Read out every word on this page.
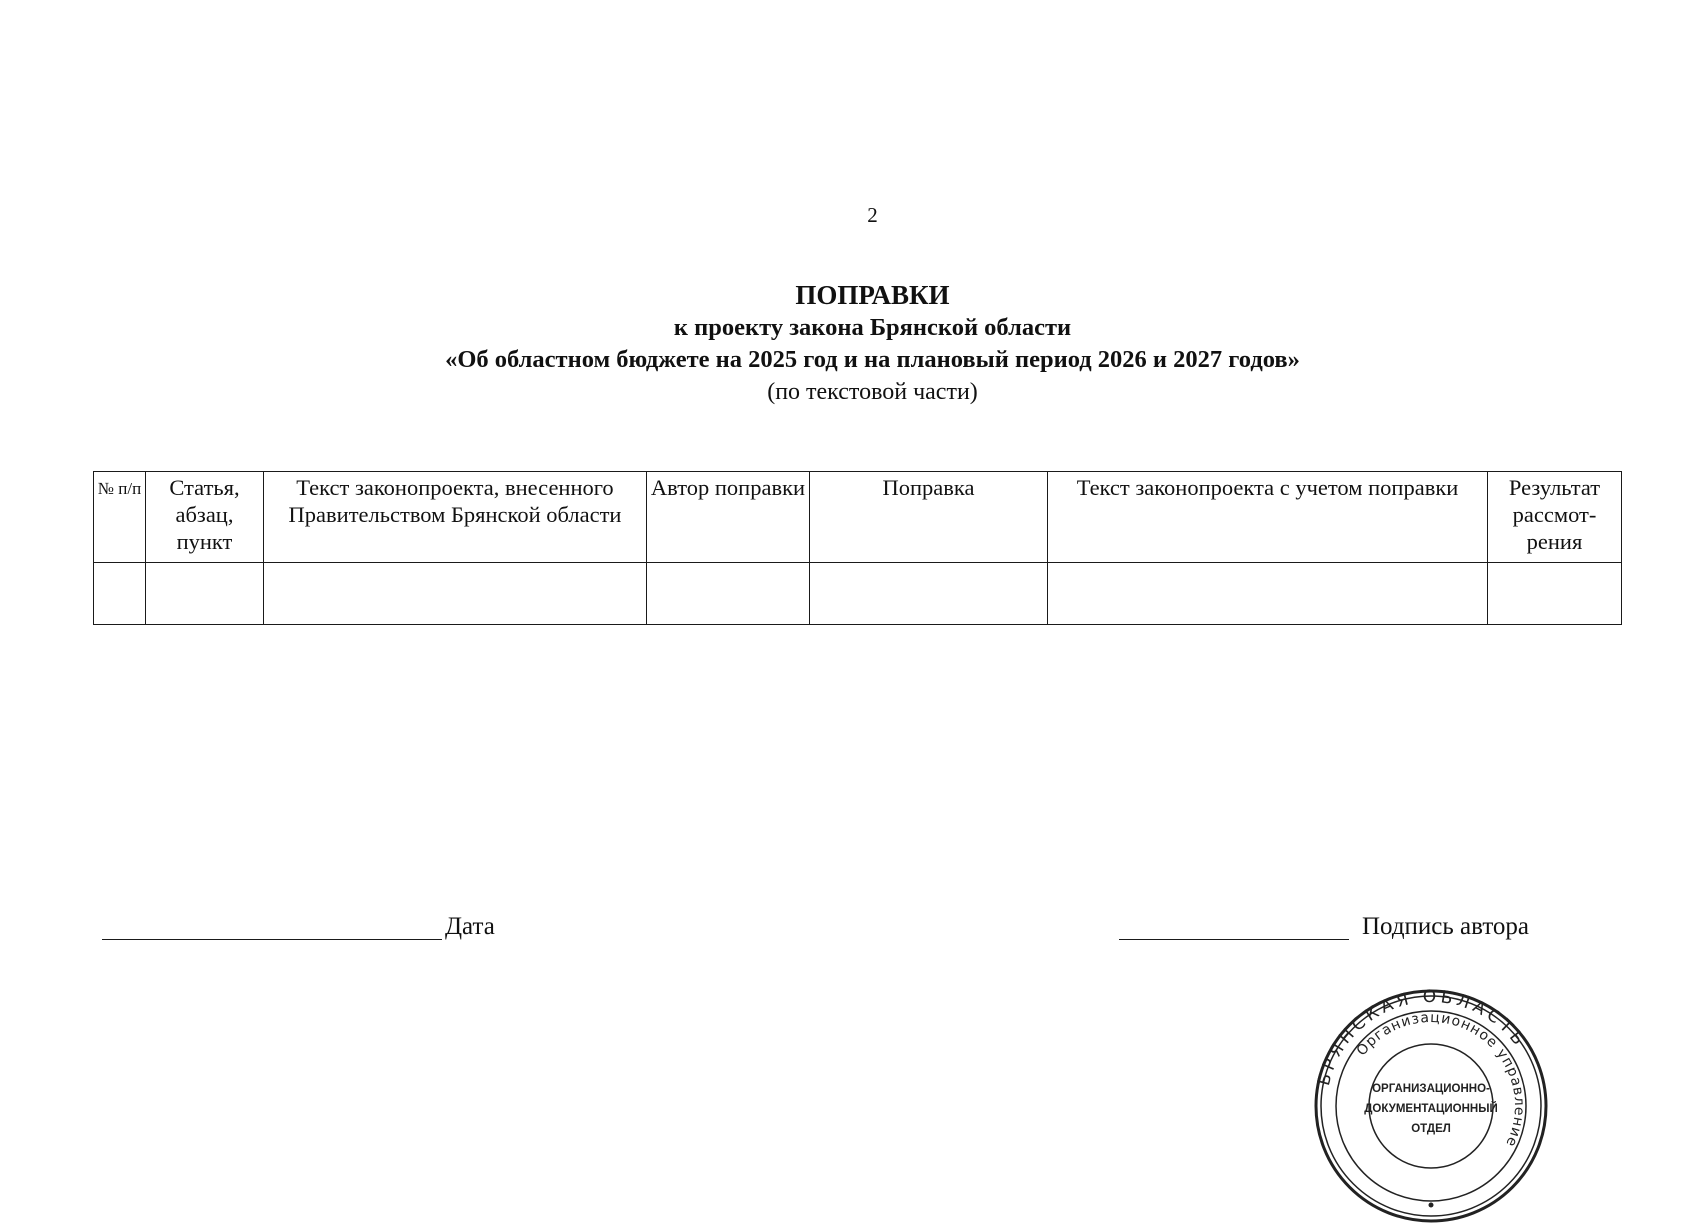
2
ПОПРАВКИ
к проекту закона Брянской области
«Об областном бюджете на 2025 год и на плановый период 2026 и 2027 годов»
(по текстовой части)
№ п/п	Статья, абзац, пункт	Текст законопроекта, внесенного Правительством Брянской области	Автор поправки	Поправка	Текст законопроекта с учетом поправки	Результат рассмот-рения

Дата	Подпись автора
БРЯНСКАЯ ОБЛАСТЬ
Организационное управление
ОРГАНИЗАЦИОННО-
ДОКУМЕНТАЦИОННЫЙ
ОТДЕЛ
